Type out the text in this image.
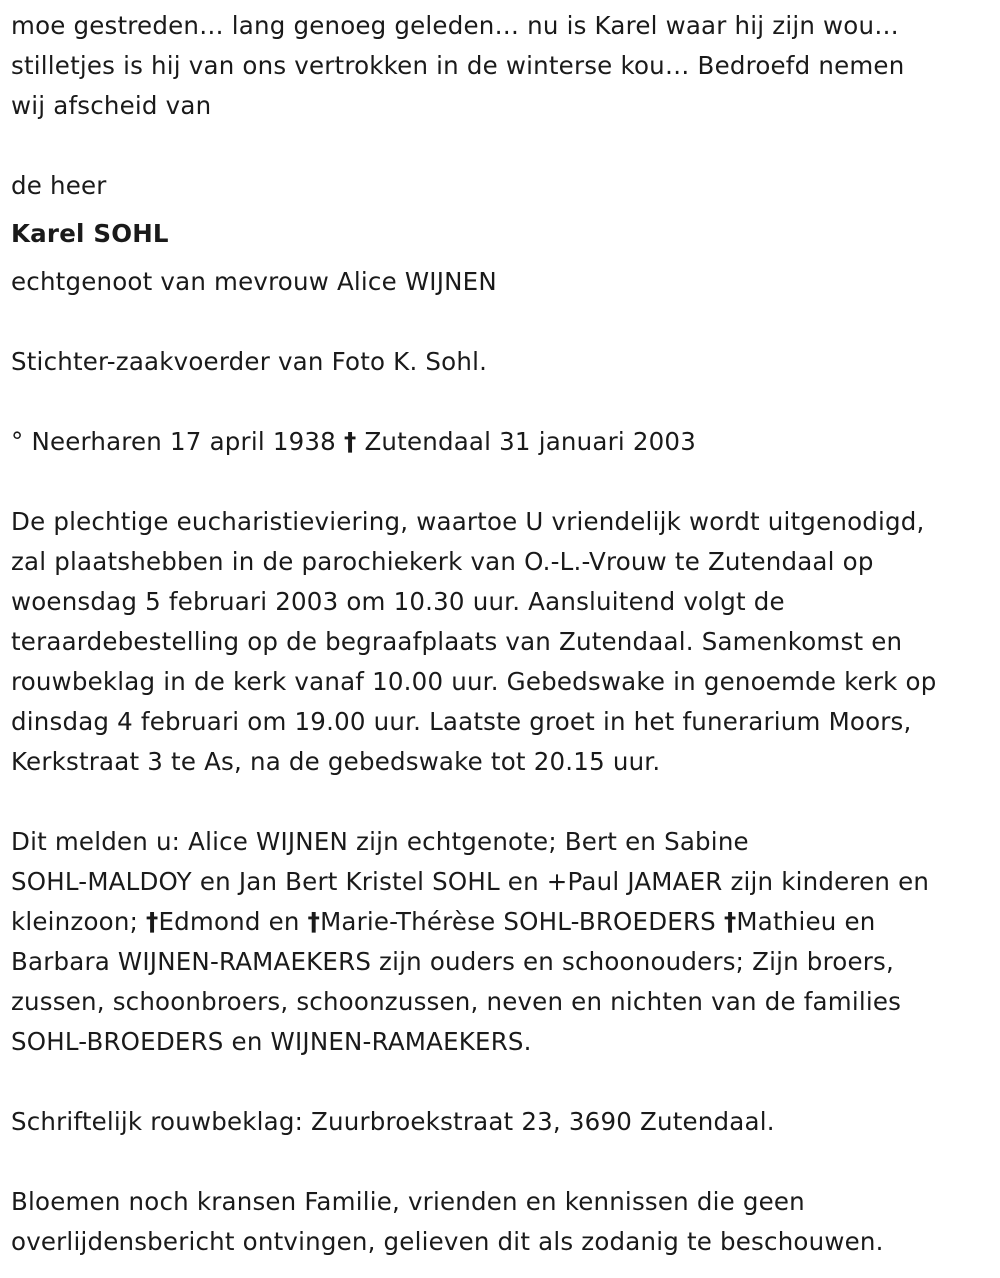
moe gestreden… lang genoeg geleden… nu is Karel waar hij zijn wou…

stilletjes is hij van ons vertrokken in de winterse kou… Bedroefd nemen

wij afscheid van

de heer

Karel SOHL

echtgenoot van mevrouw Alice WIJNEN

Stichter-zaakvoerder van Foto K. Sohl.

° Neerharen 17 april 1938 † Zutendaal 31 januari 2003

De plechtige eucharistieviering, waartoe U vriendelijk wordt uitgenodigd,

zal plaatshebben in de parochiekerk van O.-L.-Vrouw te Zutendaal op

woensdag 5 februari 2003 om 10.30 uur. Aansluitend volgt de

teraardebestelling op de begraafplaats van Zutendaal. Samenkomst en

rouwbeklag in de kerk vanaf 10.00 uur. Gebedswake in genoemde kerk op

dinsdag 4 februari om 19.00 uur. Laatste groet in het funerarium Moors,

Kerkstraat 3 te As, na de gebedswake tot 20.15 uur.

Dit melden u: Alice WIJNEN zijn echtgenote; Bert en Sabine

SOHL-MALDOY en Jan Bert Kristel SOHL en +Paul JAMAER zijn kinderen en

kleinzoon; †Edmond en †Marie-Thérèse SOHL-BROEDERS †Mathieu en

Barbara WIJNEN-RAMAEKERS zijn ouders en schoonouders; Zijn broers,

zussen, schoonbroers, schoonzussen, neven en nichten van de families

SOHL-BROEDERS en WIJNEN-RAMAEKERS.

Schriftelijk rouwbeklag: Zuurbroekstraat 23, 3690 Zutendaal.

Bloemen noch kransen Familie, vrienden en kennissen die geen

overlijdensbericht ontvingen, gelieven dit als zodanig te beschouwen.
